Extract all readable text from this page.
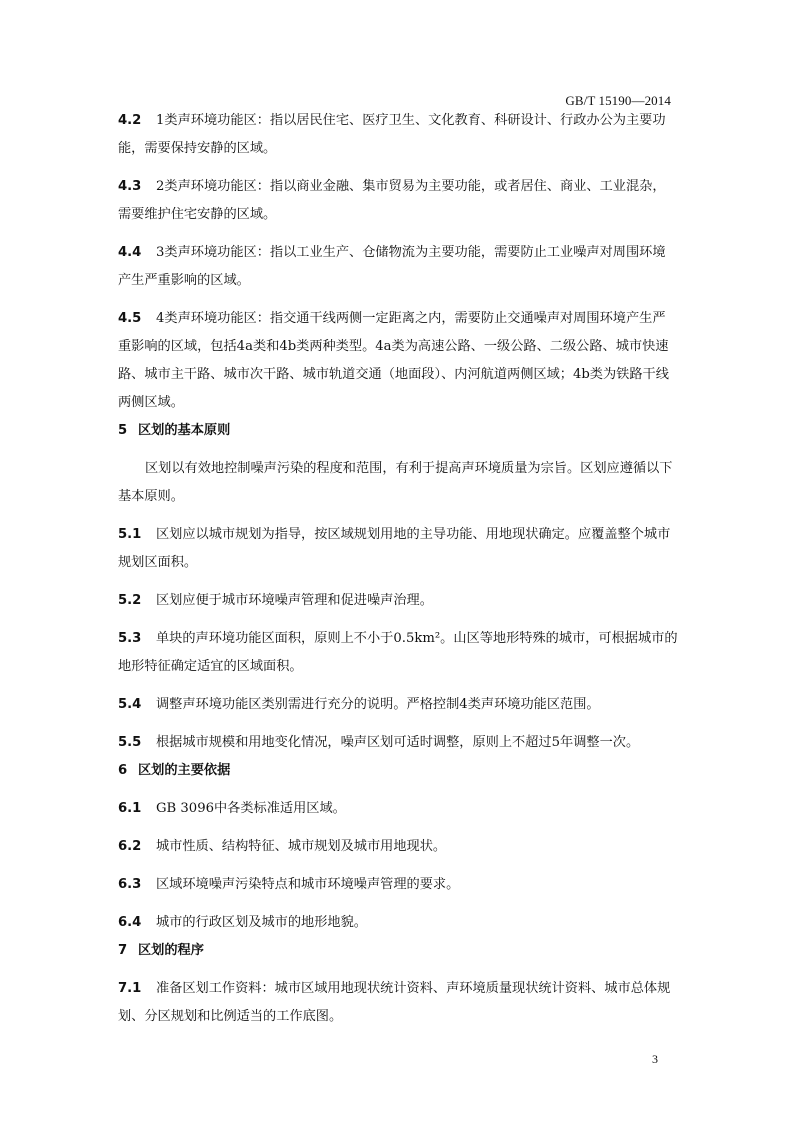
GB/T 15190—2014

4.2 1类声环境功能区：指以居民住宅、医疗卫生、文化教育、科研设计、行政办公为主要功能，需要保持安静的区域。

4.3 2类声环境功能区：指以商业金融、集市贸易为主要功能，或者居住、商业、工业混杂，需要维护住宅安静的区域。

4.4 3类声环境功能区：指以工业生产、仓储物流为主要功能，需要防止工业噪声对周围环境产生严重影响的区域。

4.5 4类声环境功能区：指交通干线两侧一定距离之内，需要防止交通噪声对周围环境产生严重影响的区域，包括4a类和4b类两种类型。4a类为高速公路、一级公路、二级公路、城市快速路、城市主干路、城市次干路、城市轨道交通（地面段）、内河航道两侧区域；4b类为铁路干线两侧区域。

5 区划的基本原则

区划以有效地控制噪声污染的程度和范围，有利于提高声环境质量为宗旨。区划应遵循以下基本原则。

5.1 区划应以城市规划为指导，按区域规划用地的主导功能、用地现状确定。应覆盖整个城市规划区面积。

5.2 区划应便于城市环境噪声管理和促进噪声治理。

5.3 单块的声环境功能区面积，原则上不小于0.5km²。山区等地形特殊的城市，可根据城市的地形特征确定适宜的区域面积。

5.4 调整声环境功能区类别需进行充分的说明。严格控制4类声环境功能区范围。

5.5 根据城市规模和用地变化情况，噪声区划可适时调整，原则上不超过5年调整一次。

6 区划的主要依据

6.1 GB 3096中各类标准适用区域。

6.2 城市性质、结构特征、城市规划及城市用地现状。

6.3 区域环境噪声污染特点和城市环境噪声管理的要求。

6.4 城市的行政区划及城市的地形地貌。

7 区划的程序

7.1 准备区划工作资料：城市区域用地现状统计资料、声环境质量现状统计资料、城市总体规划、分区规划和比例适当的工作底图。

3
